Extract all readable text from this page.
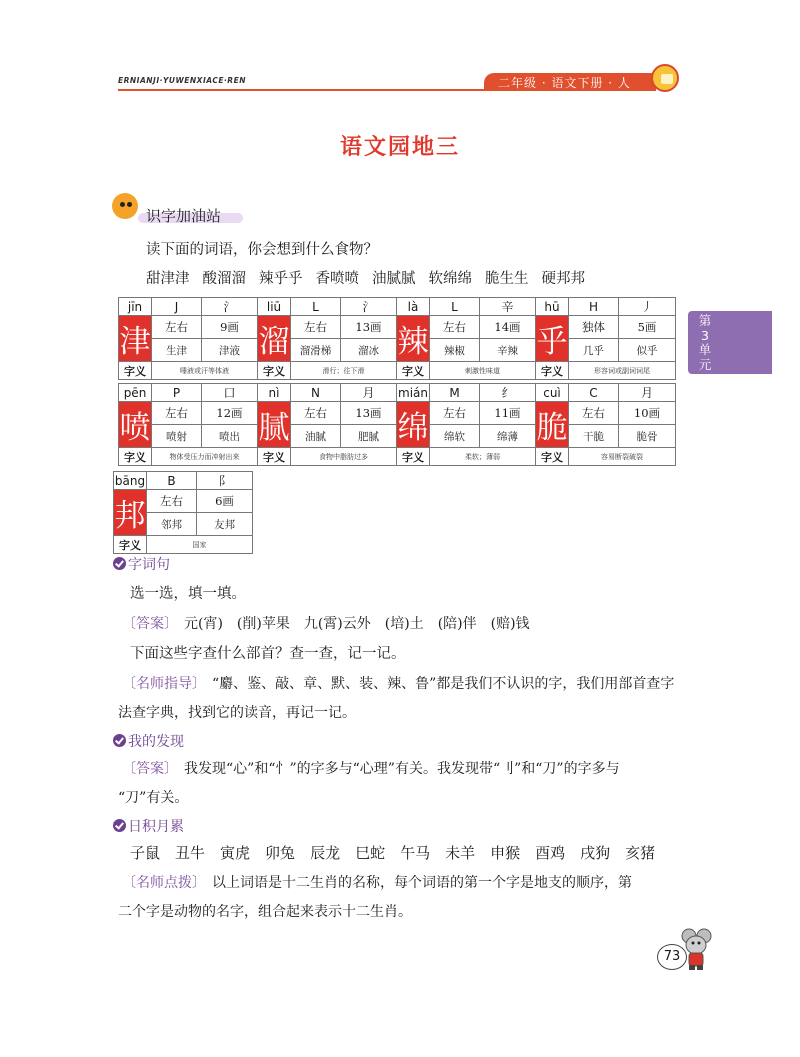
ERNIANJI·YUWENXIACE·REN	二年级 · 语文下册 · 人
第
3
单
元
语文园地三
识字加油站
读下面的词语，你会想到什么食物？
甜津津 酸溜溜 辣乎乎 香喷喷 油腻腻 软绵绵 脆生生 硬邦邦
jīn	J	氵	liū	L	氵	là	L	辛	hū	H	丿
津	左右	9画	溜	左右	13画	辣	左右	14画	乎	独体	5画
	生津	津液		溜滑梯	溜冰		辣椒	辛辣		几乎	似乎
字义	唾液或汗等体液		字义	滑行；往下滑		字义	刺激性味道		字义	形容词或副词词尾	
pēn	P	口	nì	N	月	mián	M	纟	cuì	C	月
喷	左右	12画	腻	左右	13画	绵	左右	11画	脆	左右	10画
	喷射	喷出		油腻	肥腻		绵软	绵薄		干脆	脆骨
字义	物体受压力而冲射出来		字义	食物中脂肪过多		字义	柔软；薄弱		字义	容易断裂破裂	
bāng	B	阝
邦	左右	6画
	邻邦	友邦
字义	国家	
字词句
选一选，填一填。
〔答案〕 元(宵)　(削)苹果　九(霄)云外　(培)土　(陪)伴　(赔)钱
下面这些字查什么部首？查一查，记一记。
〔名师指导〕 “麝、鉴、敲、章、默、装、辣、鲁”都是我们不认识的字，我们用部首查字
法查字典，找到它的读音，再记一记。
我的发现
〔答案〕 我发现“心”和“忄”的字多与“心理”有关。我发现带“刂”和“刀”的字多与
“刀”有关。
日积月累
子鼠 丑牛 寅虎 卯兔 辰龙 巳蛇 午马 未羊 申猴 酉鸡 戌狗 亥猪
〔名师点拨〕 以上词语是十二生肖的名称，每个词语的第一个字是地支的顺序，第
二个字是动物的名字，组合起来表示十二生肖。
73
